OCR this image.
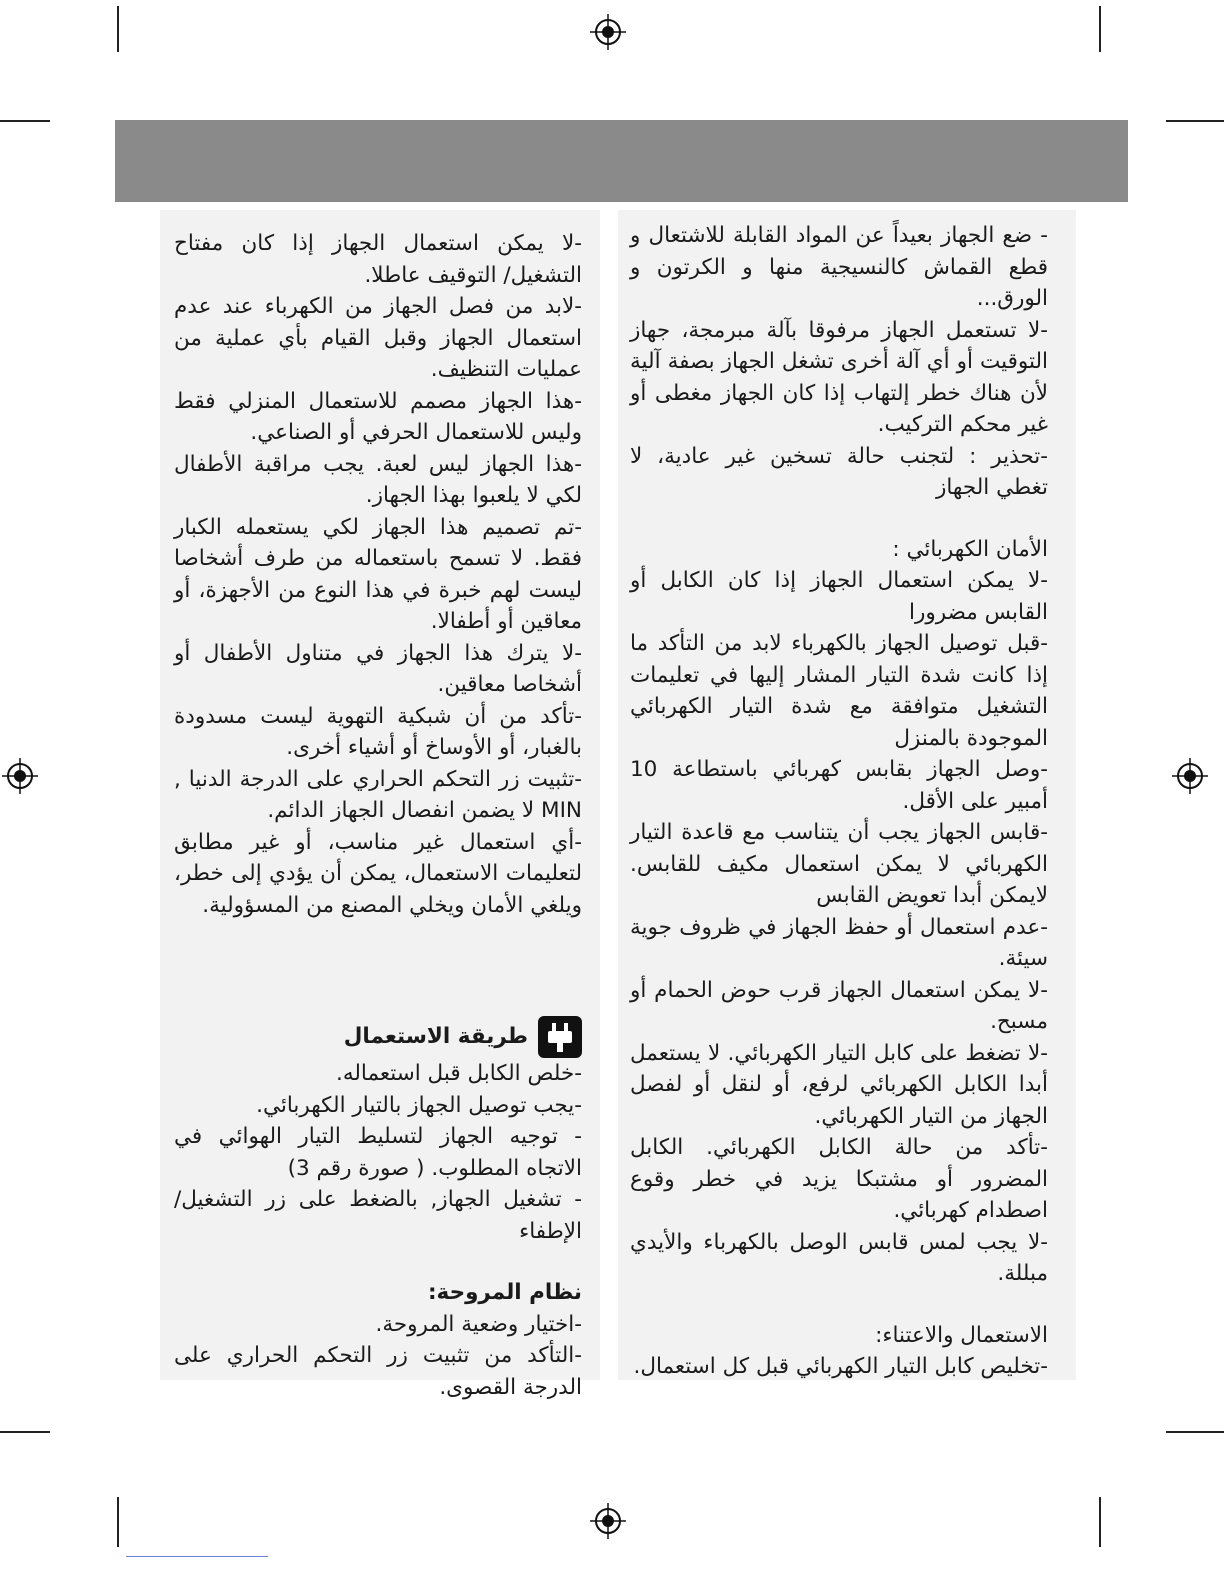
-لا يمكن استعمال الجهاز إذا كان مفتاح التشغيل/ التوقيف عاطلا.

-لابد من فصل الجهاز من الكهرباء عند عدم استعمال الجهاز وقبل القيام بأي عملية من عمليات التنظيف.

-هذا الجهاز مصمم للاستعمال المنزلي فقط وليس للاستعمال الحرفي أو الصناعي.

-هذا الجهاز ليس لعبة. يجب مراقبة الأطفال لكي لا يلعبوا بهذا الجهاز.

-تم تصميم هذا الجهاز لكي يستعمله الكبار فقط. لا تسمح باستعماله من طرف أشخاصا ليست لهم خبرة في هذا النوع من الأجهزة، أو معاقين أو أطفالا.

-لا يترك هذا الجهاز في متناول الأطفال أو أشخاصا معاقين.

-تأكد من أن شبكية التهوية ليست مسدودة بالغبار، أو الأوساخ أو أشياء أخرى.

-تثبيت زر التحكم الحراري على الدرجة الدنيا , MIN لا يضمن انفصال الجهاز الدائم.

-أي استعمال غير مناسب، أو غير مطابق لتعليمات الاستعمال، يمكن أن يؤدي إلى خطر، ويلغي الأمان ويخلي المصنع من المسؤولية.

طريقة الاستعمال

-خلص الكابل قبل استعماله.

-يجب توصيل الجهاز بالتيار الكهربائي.

- توجيه الجهاز لتسليط التيار الهوائي في الاتجاه المطلوب. ( صورة رقم 3)

- تشغيل الجهاز, بالضغط على زر التشغيل/ الإطفاء

نظام المروحة:

-اختيار وضعية المروحة.

-التأكد من تثبيت زر التحكم الحراري على الدرجة القصوى.

- ضع الجهاز بعيداً عن المواد القابلة للاشتعال و قطع القماش كالنسيجية منها و الكرتون و الورق...

-لا تستعمل الجهاز مرفوقا بآلة مبرمجة، جهاز التوقيت أو أي آلة أخرى تشغل الجهاز بصفة آلية لأن هناك خطر إلتهاب إذا كان الجهاز مغطى أو غير محكم التركيب.

-تحذير : لتجنب حالة تسخين غير عادية، لا تغطي الجهاز

الأمان الكهربائي :

-لا يمكن استعمال الجهاز إذا كان الكابل أو القابس مضرورا

-قبل توصيل الجهاز بالكهرباء لابد من التأكد ما إذا كانت شدة التيار المشار إليها في تعليمات التشغيل متوافقة مع شدة التيار الكهربائي الموجودة بالمنزل

-وصل الجهاز بقابس كهربائي باستطاعة 10 أمبير على الأقل.

-قابس الجهاز يجب أن يتناسب مع قاعدة التيار الكهربائي لا يمكن استعمال مكيف للقابس. لايمكن أبدا تعويض القابس

-عدم استعمال أو حفظ الجهاز في ظروف جوية سيئة.

-لا يمكن استعمال الجهاز قرب حوض الحمام أو مسبح.

-لا تضغط على كابل التيار الكهربائي. لا يستعمل أبدا الكابل الكهربائي لرفع، أو لنقل أو لفصل الجهاز من التيار الكهربائي.

-تأكد من حالة الكابل الكهربائي. الكابل المضرور أو مشتبكا يزيد في خطر وقوع اصطدام كهربائي.

-لا يجب لمس قابس الوصل بالكهرباء والأيدي مبللة.

الاستعمال والاعتناء:

-تخليص كابل التيار الكهربائي قبل كل استعمال.
